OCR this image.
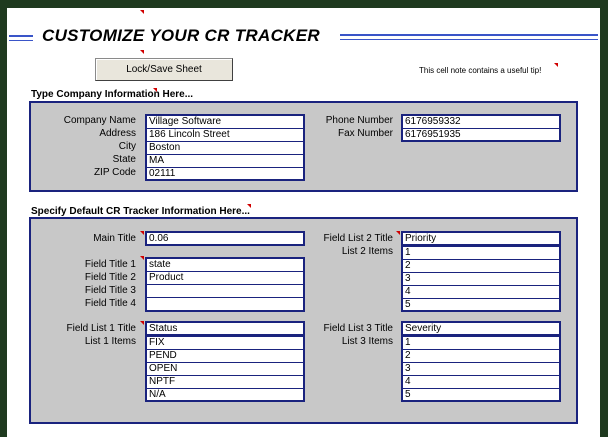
CUSTOMIZE YOUR CR TRACKER
Lock/Save Sheet	This cell note contains a useful tip!
Type Company Information Here...
Company Name
Address
City
State
ZIP Code
Village Software
186 Lincoln Street
Boston
MA
02111
Phone Number
Fax Number
6176959332
6176951935
Specify Default CR Tracker Information Here...
Main Title	0.06
Field Title 1
Field Title 2
Field Title 3
Field Title 4
state
Product
Field List 2 Title
List 2 Items
Priority
1
2
3
4
5
Field List 1 Title
List 1 Items
Status
FIX
PEND
OPEN
NPTF
N/A
Field List 3 Title
List 3 Items
Severity
1
2
3
4
5
